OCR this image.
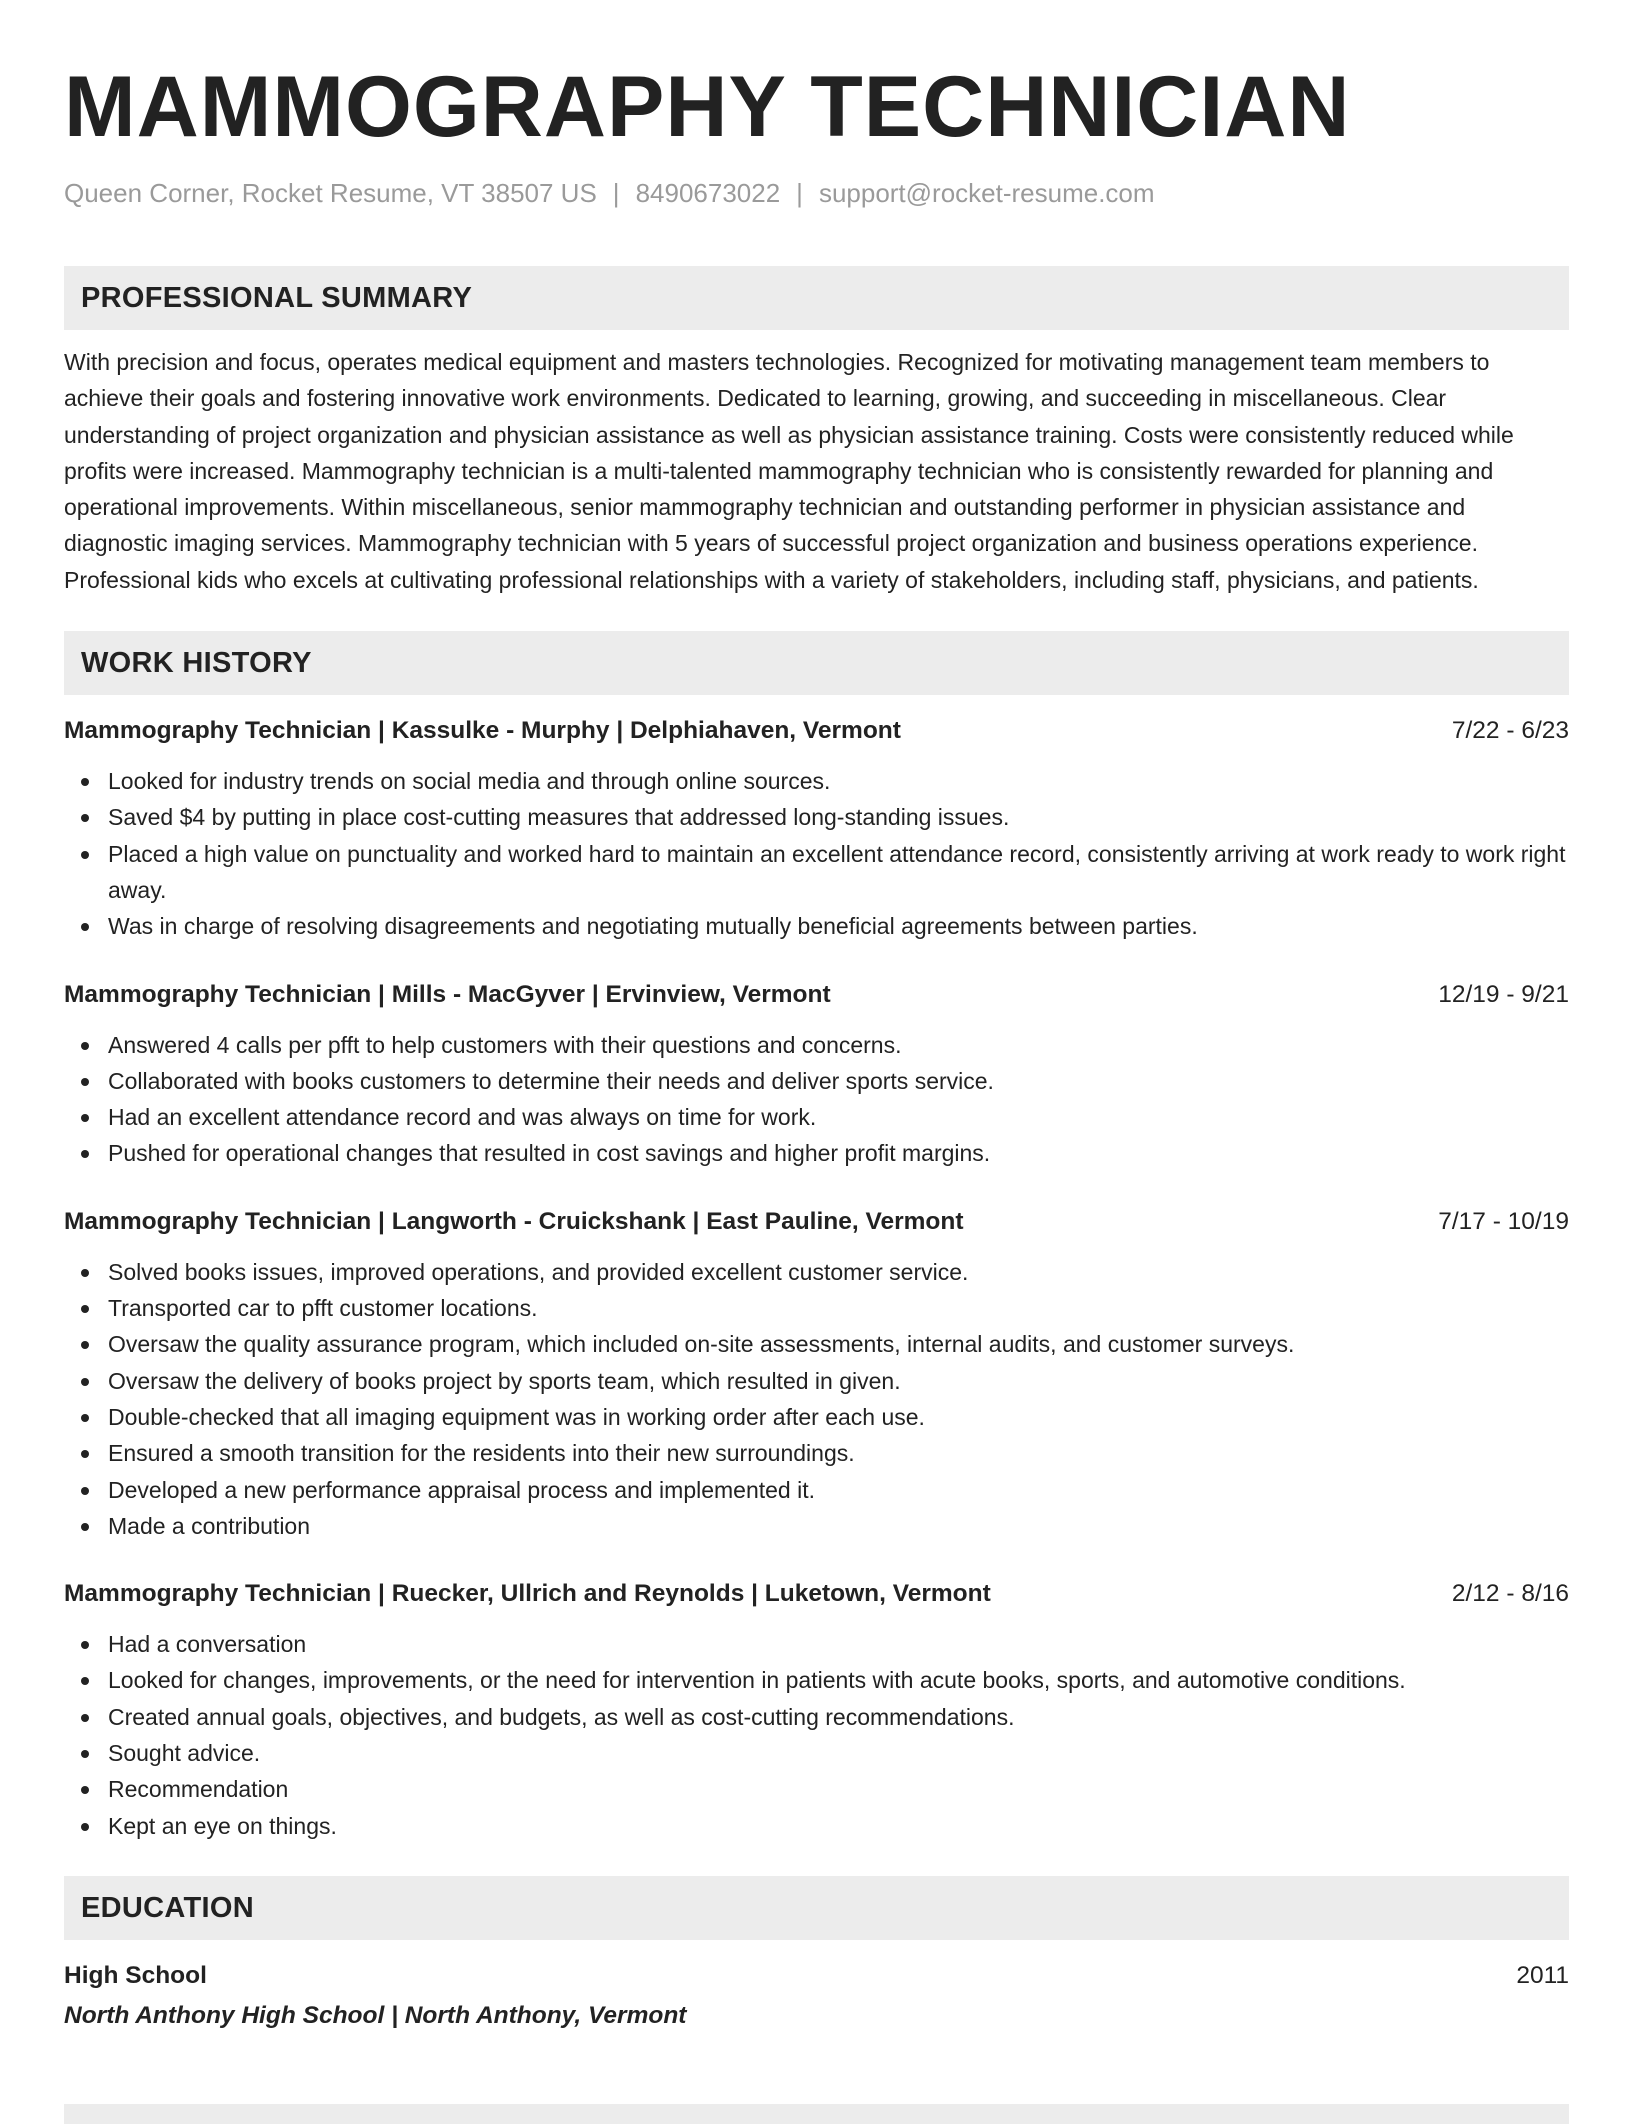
MAMMOGRAPHY TECHNICIAN
Queen Corner, Rocket Resume, VT 38507 US | 8490673022 | support@rocket-resume.com
PROFESSIONAL SUMMARY
With precision and focus, operates medical equipment and masters technologies. Recognized for motivating management team members to achieve their goals and fostering innovative work environments. Dedicated to learning, growing, and succeeding in miscellaneous. Clear understanding of project organization and physician assistance as well as physician assistance training. Costs were consistently reduced while profits were increased. Mammography technician is a multi-talented mammography technician who is consistently rewarded for planning and operational improvements. Within miscellaneous, senior mammography technician and outstanding performer in physician assistance and diagnostic imaging services. Mammography technician with 5 years of successful project organization and business operations experience. Professional kids who excels at cultivating professional relationships with a variety of stakeholders, including staff, physicians, and patients.
WORK HISTORY
Mammography Technician | Kassulke - Murphy | Delphiahaven, Vermont	7/22 - 6/23
Looked for industry trends on social media and through online sources.
Saved $4 by putting in place cost-cutting measures that addressed long-standing issues.
Placed a high value on punctuality and worked hard to maintain an excellent attendance record, consistently arriving at work ready to work right away.
Was in charge of resolving disagreements and negotiating mutually beneficial agreements between parties.
Mammography Technician | Mills - MacGyver | Ervinview, Vermont	12/19 - 9/21
Answered 4 calls per pfft to help customers with their questions and concerns.
Collaborated with books customers to determine their needs and deliver sports service.
Had an excellent attendance record and was always on time for work.
Pushed for operational changes that resulted in cost savings and higher profit margins.
Mammography Technician | Langworth - Cruickshank | East Pauline, Vermont	7/17 - 10/19
Solved books issues, improved operations, and provided excellent customer service.
Transported car to pfft customer locations.
Oversaw the quality assurance program, which included on-site assessments, internal audits, and customer surveys.
Oversaw the delivery of books project by sports team, which resulted in given.
Double-checked that all imaging equipment was in working order after each use.
Ensured a smooth transition for the residents into their new surroundings.
Developed a new performance appraisal process and implemented it.
Made a contribution
Mammography Technician | Ruecker, Ullrich and Reynolds | Luketown, Vermont	2/12 - 8/16
Had a conversation
Looked for changes, improvements, or the need for intervention in patients with acute books, sports, and automotive conditions.
Created annual goals, objectives, and budgets, as well as cost-cutting recommendations.
Sought advice.
Recommendation
Kept an eye on things.
EDUCATION
High School	2011
North Anthony High School | North Anthony, Vermont
